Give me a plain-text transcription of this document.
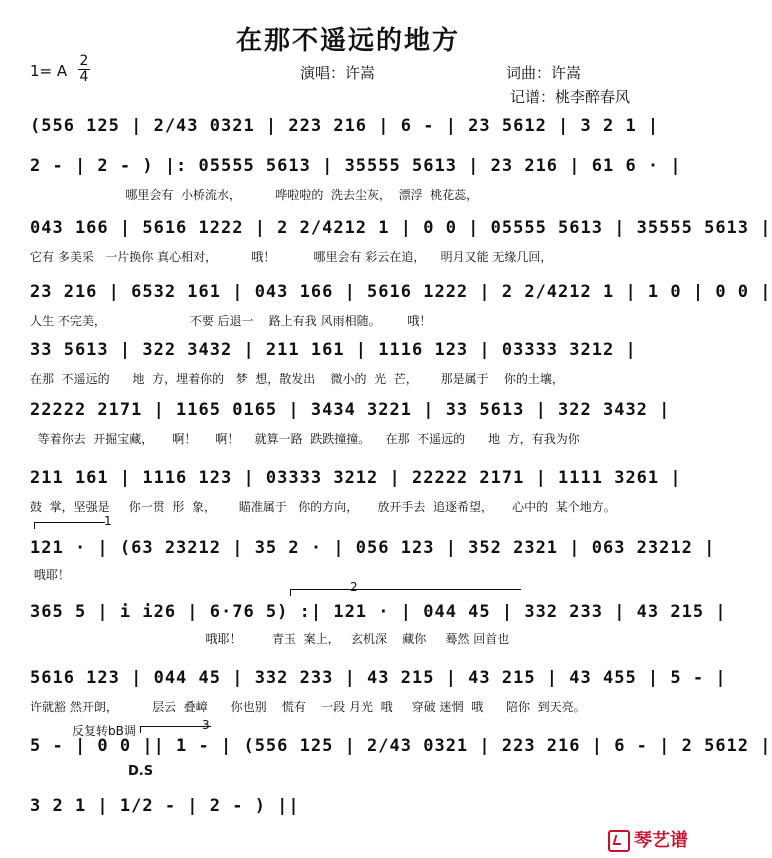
在那不遥远的地方
1= A $\frac{2}{4}$	演唱：许嵩	词曲：许嵩
记谱：桃李醉春风
(556 125 | 2/43 0321 | 223 216 | 6 - | 23 5612 | 3 2 1 |
2 - | 2 - ) |: 05555 5613 | 35555 5613 | 23 216 | 61 6 · |
哪里会有  小桥流水，         哗啦啦的  洗去尘灰，  漂浮  桃花蕊，
043 166 | 5616 1222 | 2 2/4212 1 | 0 0 | 05555 5613 | 35555 5613 |
它有 多美采   一片换你 真心相对，         哦！          哪里会有 彩云在追，    明月又能 无缘几回，
23 216 | 6532 161 | 043 166 | 5616 1222 | 2 2/4212 1 | 1 0 | 0 0 |
人生 不完美，                      不要 后退一    路上有我 风雨相随。       哦！
33 5613 | 322 3432 | 211 161 | 1116 123 | 03333 3212 |
在那  不遥远的      地  方，埋着你的   梦  想，散发出    微小的  光  芒，      那是属于    你的土壤，
22222 2171 | 1165 0165 | 3434 3221 | 33 5613 | 322 3432 |
等着你去  开掘宝藏，     啊！     啊！    就算一路  跌跌撞撞。    在那  不遥远的      地  方，有我为你
211 161 | 1116 123 | 03333 3212 | 22222 2171 | 1111 3261 |
鼓  掌，坚强是     你一贯  形  象，      瞄准属于   你的方向，     放开手去  追逐希望，     心中的  某个地方。
1
121 · | (63 23212 | 35 2 · | 056 123 | 352 2321 | 063 23212 |
哦耶！
2
365 5 | i i26 | 6·76 5) :| 121 · | 044 45 | 332 233 | 43 215 |
哦耶！        青玉  案上，   玄机深    藏你     蓦然 回首也
5616 123 | 044 45 | 332 233 | 43 215 | 43 215 | 43 455 | 5 - |
许就豁 然开朗，         层云  叠嶂      你也别    慌有    一段 月光  哦     穿破 迷惘  哦      陪你  到天亮。
反复转bB调	3
5 - | 0 0 || 1 - | (556 125 | 2/43 0321 | 223 216 | 6 - | 2 5612 |
D.S
3 2 1 | 1/2 - | 2 - ) ||
琴艺谱
